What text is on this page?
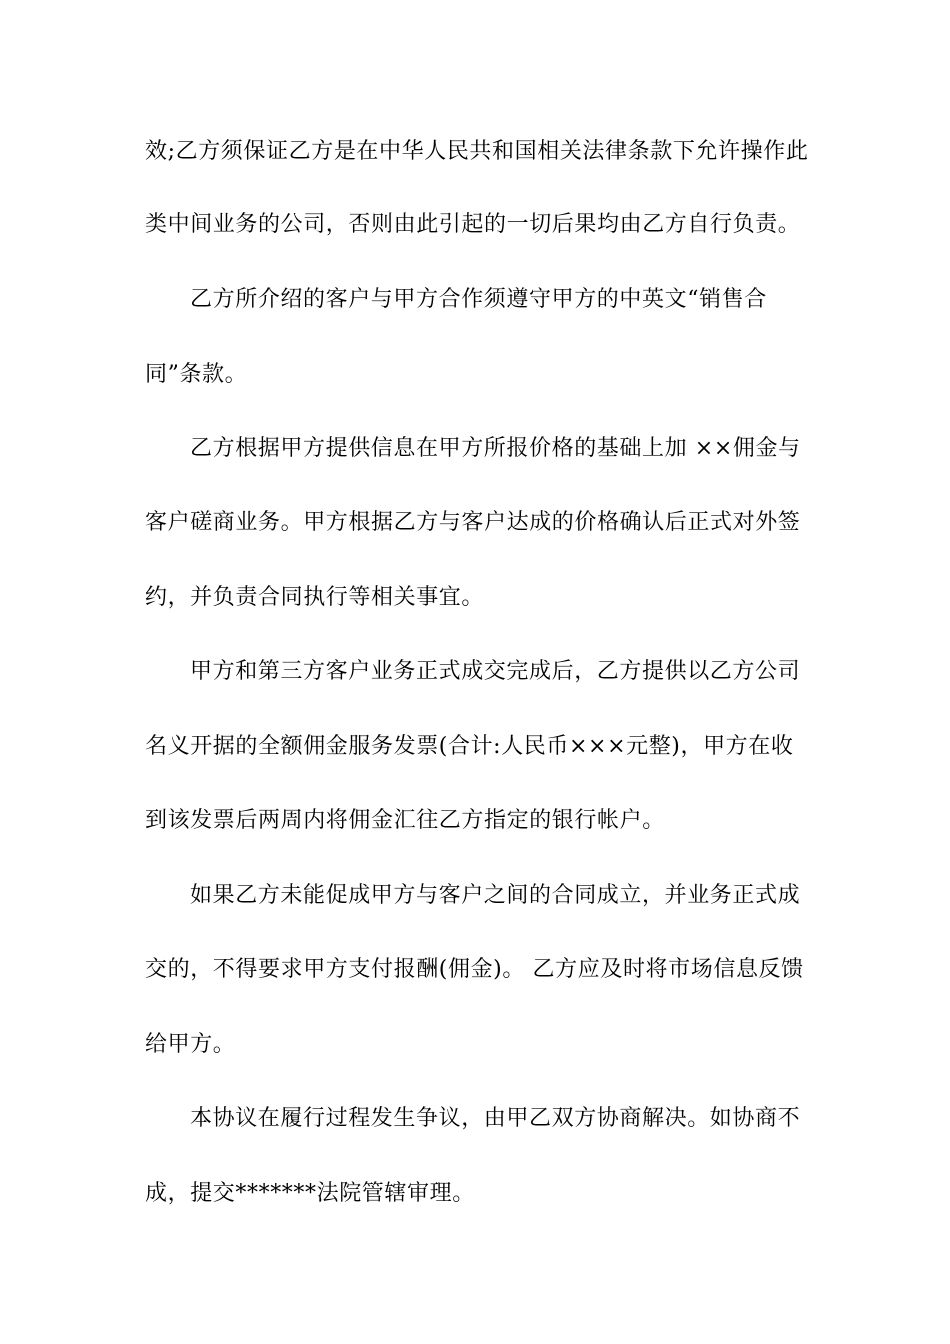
效;乙方须保证乙方是在中华人民共和国相关法律条款下允许操作此
类中间业务的公司，否则由此引起的一切后果均由乙方自行负责。
乙方所介绍的客户与甲方合作须遵守甲方的中英文“销售合
同”条款。
乙方根据甲方提供信息在甲方所报价格的基础上加 ××佣金与
客户磋商业务。甲方根据乙方与客户达成的价格确认后正式对外签
约，并负责合同执行等相关事宜。
甲方和第三方客户业务正式成交完成后，乙方提供以乙方公司
名义开据的全额佣金服务发票(合计:人民币×××元整)，甲方在收
到该发票后两周内将佣金汇往乙方指定的银行帐户。
如果乙方未能促成甲方与客户之间的合同成立，并业务正式成
交的，不得要求甲方支付报酬(佣金)。 乙方应及时将市场信息反馈
给甲方。
本协议在履行过程发生争议，由甲乙双方协商解决。如协商不
成，提交*******法院管辖审理。
